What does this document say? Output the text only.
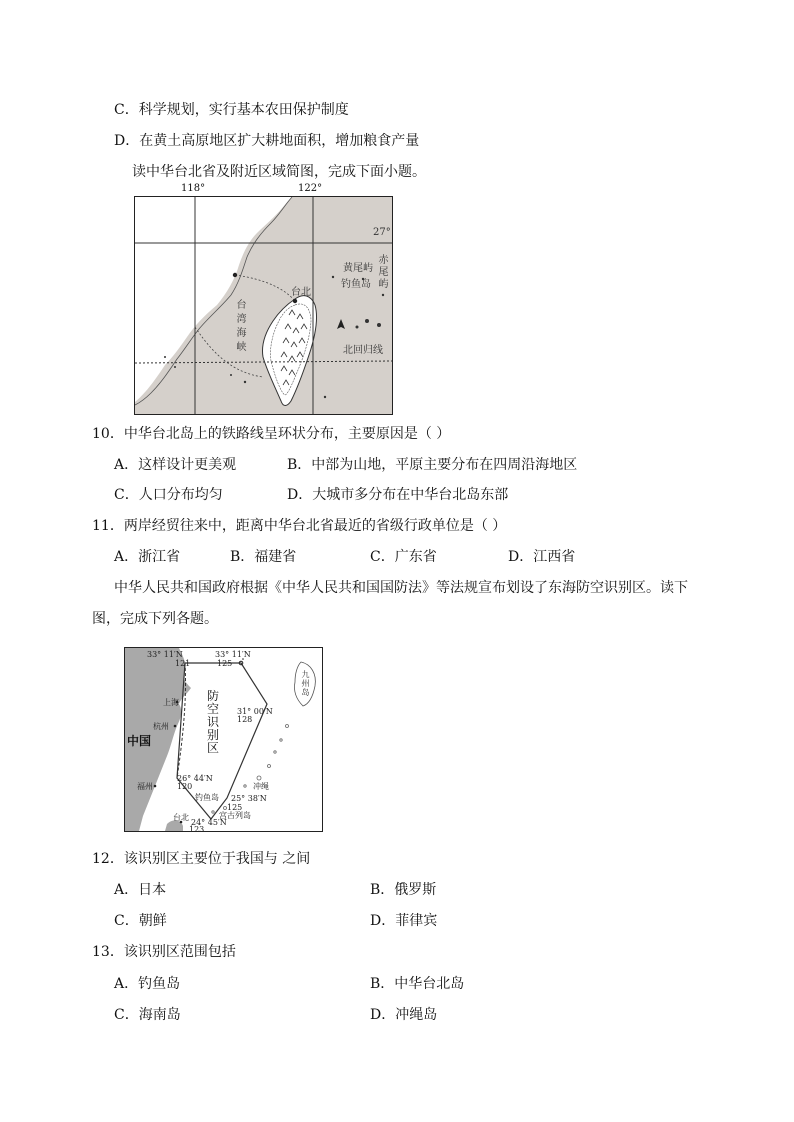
C．科学规划，实行基本农田保护制度
D．在黄土高原地区扩大耕地面积，增加粮食产量
读中华台北省及附近区域简图，完成下面小题。
118°	122°
27°
黄尾屿
赤尾屿
钓鱼岛
台北
台湾海峡	北回归线
10．中华台北岛上的铁路线呈环状分布，主要原因是（ ）
A．这样设计更美观	B．中部为山地，平原主要分布在四周沿海地区
C．人口分布均匀	D．大城市多分布在中华台北岛东部
11．两岸经贸往来中，距离中华台北省最近的省级行政单位是（ ）
A．浙江省	B．福建省	C．广东省	D．江西省
中华人民共和国政府根据《中华人民共和国国防法》等法规宣布划设了东海防空识别区。读下
图，完成下列各题。
33° 11′N
121
33° 11′N
125
31° 00′N
128
26° 44′N
120
25° 38′N
125
24° 45′N
123
上海
杭州
中国
福州
台北
防空识别区
钓鱼岛
宫古列岛
冲绳
九州岛
12．该识别区主要位于我国与 之间
A．日本	B．俄罗斯
C．朝鲜	D．菲律宾
13．该识别区范围包括
A．钓鱼岛	B．中华台北岛
C．海南岛	D．冲绳岛
